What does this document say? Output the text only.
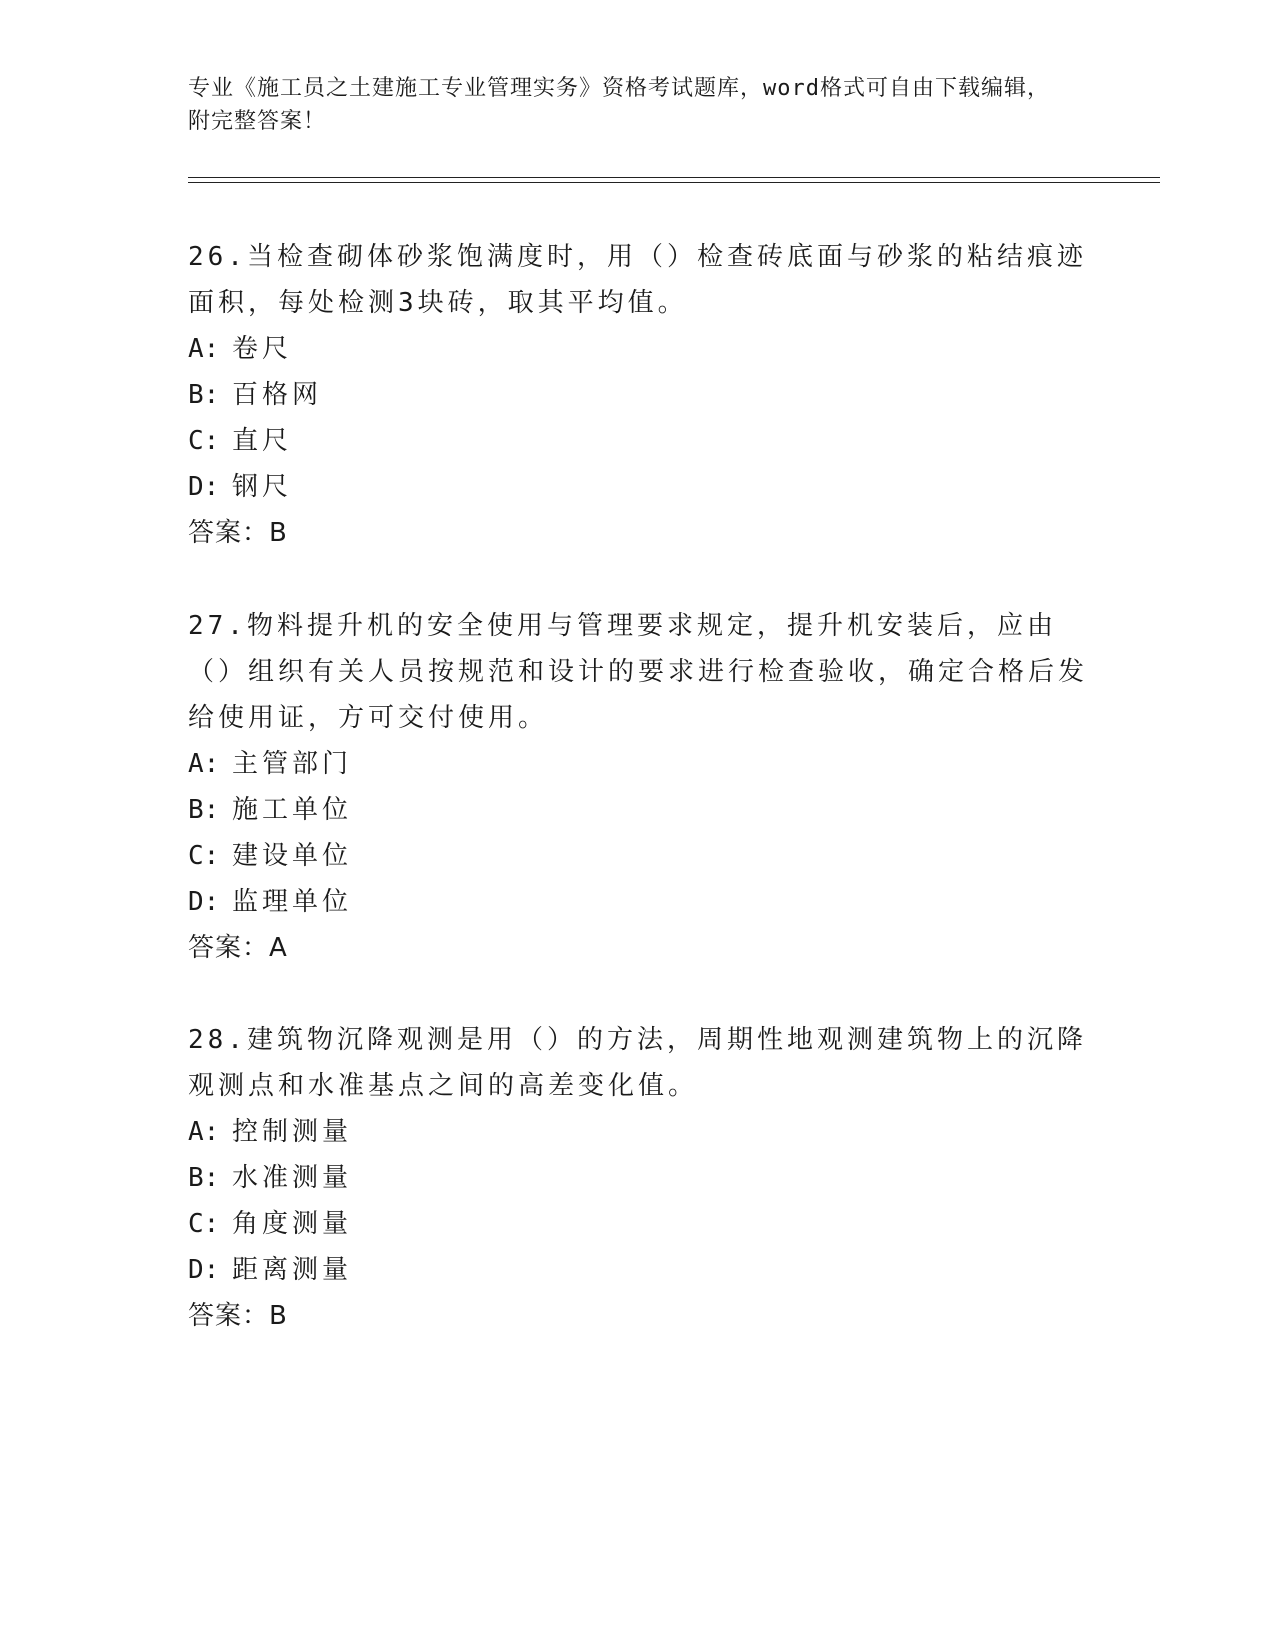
专业《施工员之土建施工专业管理实务》资格考试题库，word格式可自由下载编辑，附完整答案！

26.当检查砌体砂浆饱满度时，用（）检查砖底面与砂浆的粘结痕迹面积，每处检测3块砖，取其平均值。

A: 卷尺
B: 百格网
C: 直尺
D: 钢尺
答案：B

27.物料提升机的安全使用与管理要求规定，提升机安装后，应由（）组织有关人员按规范和设计的要求进行检查验收，确定合格后发给使用证，方可交付使用。

A: 主管部门
B: 施工单位
C: 建设单位
D: 监理单位
答案：A

28.建筑物沉降观测是用（）的方法，周期性地观测建筑物上的沉降观测点和水准基点之间的高差变化值。

A: 控制测量
B: 水准测量
C: 角度测量
D: 距离测量
答案：B
